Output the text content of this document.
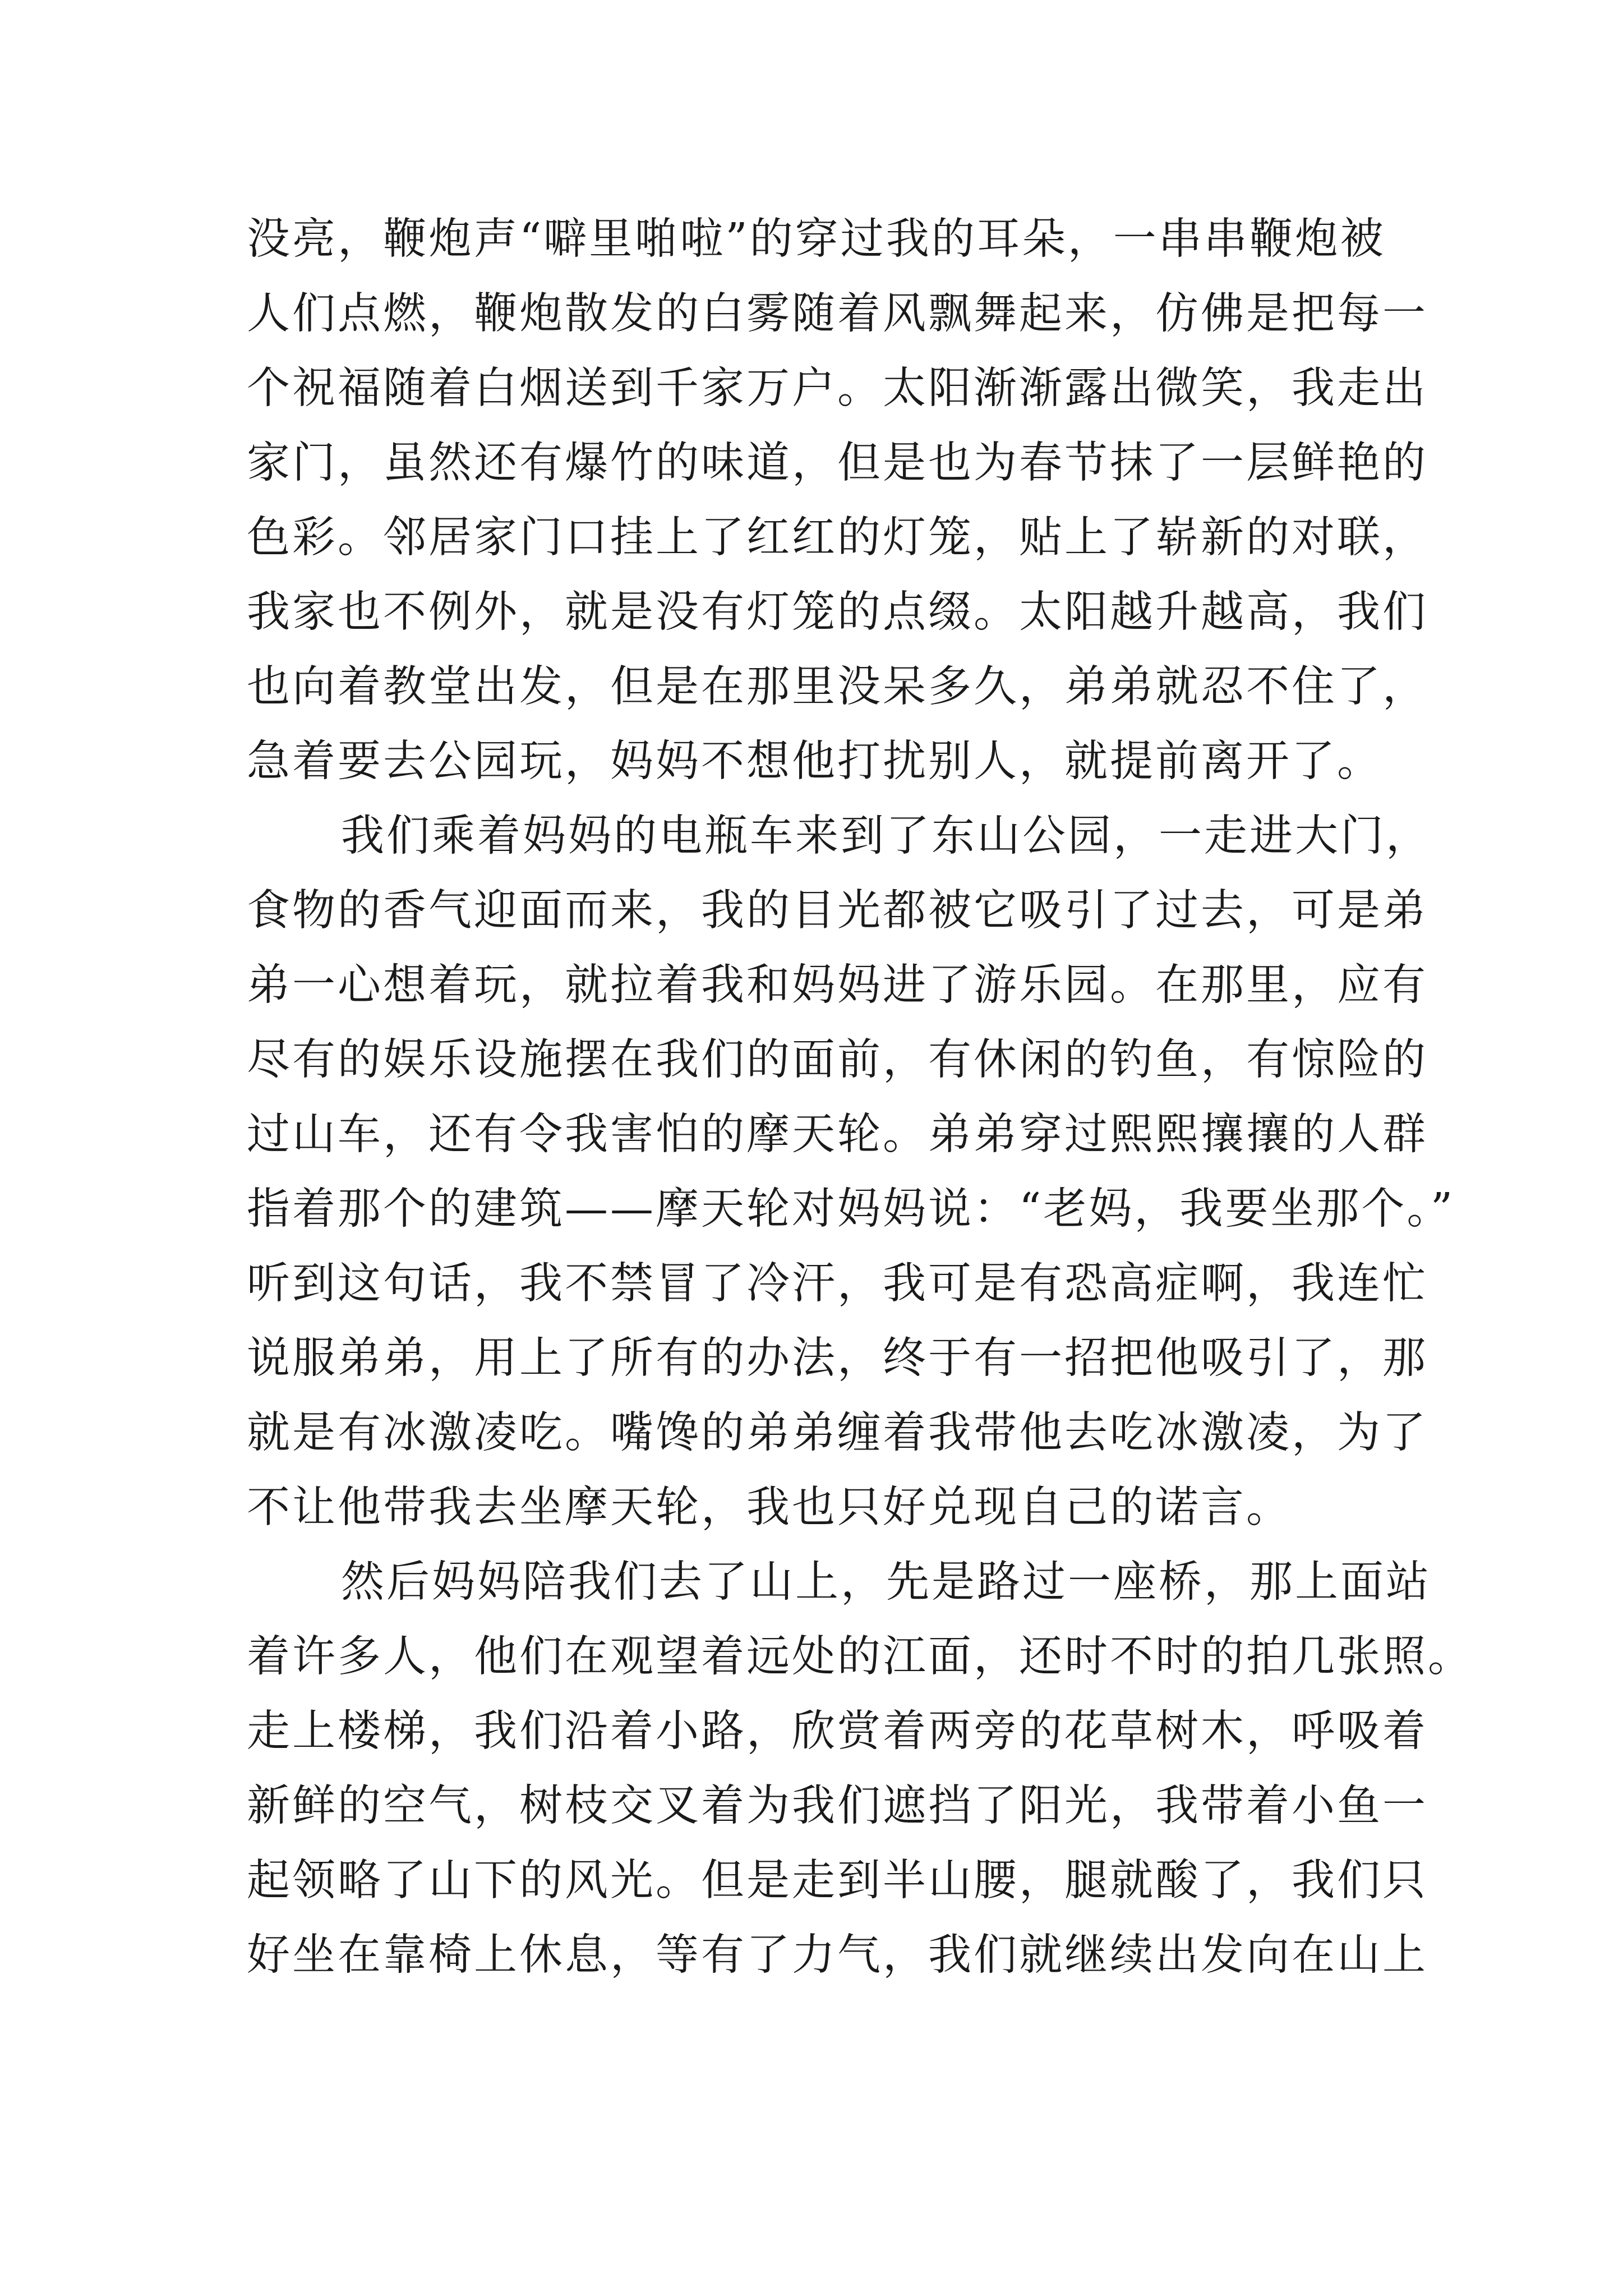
没亮，鞭炮声“噼里啪啦”的穿过我的耳朵，一串串鞭炮被
人们点燃，鞭炮散发的白雾随着风飘舞起来，仿佛是把每一
个祝福随着白烟送到千家万户。太阳渐渐露出微笑，我走出
家门，虽然还有爆竹的味道，但是也为春节抹了一层鲜艳的
色彩。邻居家门口挂上了红红的灯笼，贴上了崭新的对联，
我家也不例外，就是没有灯笼的点缀。太阳越升越高，我们
也向着教堂出发，但是在那里没呆多久，弟弟就忍不住了，
急着要去公园玩，妈妈不想他打扰别人，就提前离开了。
我们乘着妈妈的电瓶车来到了东山公园，一走进大门，
食物的香气迎面而来，我的目光都被它吸引了过去，可是弟
弟一心想着玩，就拉着我和妈妈进了游乐园。在那里，应有
尽有的娱乐设施摆在我们的面前，有休闲的钓鱼，有惊险的
过山车，还有令我害怕的摩天轮。弟弟穿过熙熙攘攘的人群
指着那个的建筑——摩天轮对妈妈说：“老妈，我要坐那个。”
听到这句话，我不禁冒了冷汗，我可是有恐高症啊，我连忙
说服弟弟，用上了所有的办法，终于有一招把他吸引了，那
就是有冰激凌吃。嘴馋的弟弟缠着我带他去吃冰激凌，为了
不让他带我去坐摩天轮，我也只好兑现自己的诺言。
然后妈妈陪我们去了山上，先是路过一座桥，那上面站
着许多人，他们在观望着远处的江面，还时不时的拍几张照。
走上楼梯，我们沿着小路，欣赏着两旁的花草树木，呼吸着
新鲜的空气，树枝交叉着为我们遮挡了阳光，我带着小鱼一
起领略了山下的风光。但是走到半山腰，腿就酸了，我们只
好坐在靠椅上休息，等有了力气，我们就继续出发向在山上
